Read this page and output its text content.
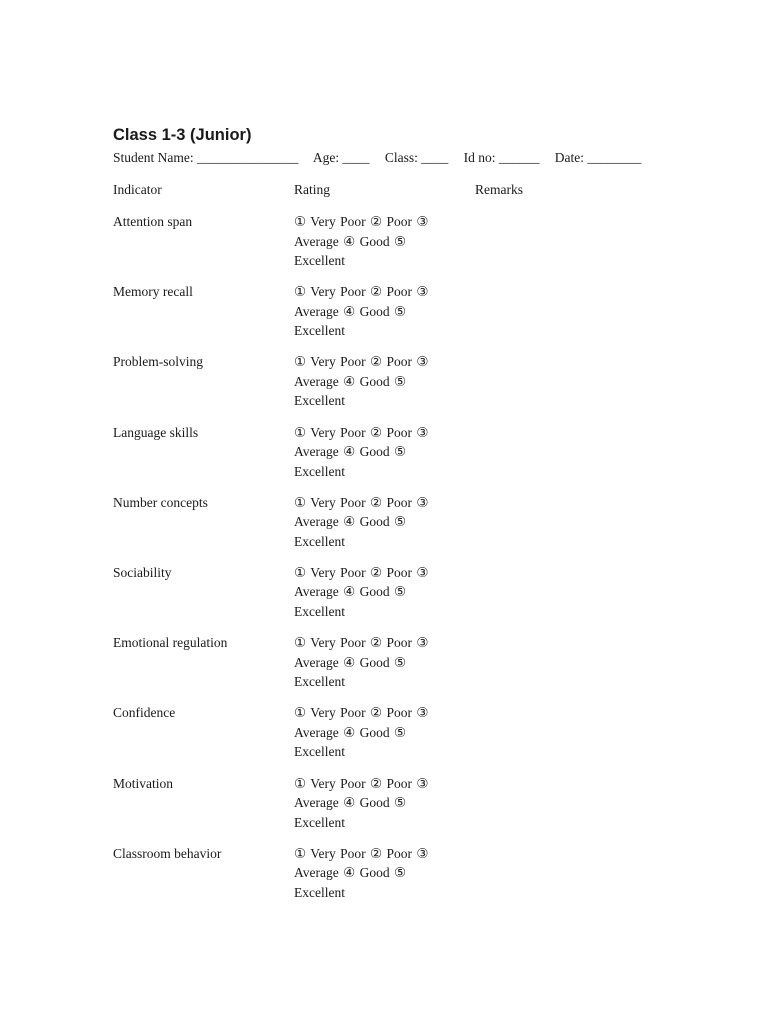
Class 1-3 (Junior)
Student Name: _______________ Age: ____ Class: ____ Id no: ______ Date: ________
Indicator	Rating	Remarks
Attention span	① Very Poor ② Poor ③ Average ④ Good ⑤ Excellent
Memory recall	① Very Poor ② Poor ③ Average ④ Good ⑤ Excellent
Problem-solving	① Very Poor ② Poor ③ Average ④ Good ⑤ Excellent
Language skills	① Very Poor ② Poor ③ Average ④ Good ⑤ Excellent
Number concepts	① Very Poor ② Poor ③ Average ④ Good ⑤ Excellent
Sociability	① Very Poor ② Poor ③ Average ④ Good ⑤ Excellent
Emotional regulation	① Very Poor ② Poor ③ Average ④ Good ⑤ Excellent
Confidence	① Very Poor ② Poor ③ Average ④ Good ⑤ Excellent
Motivation	① Very Poor ② Poor ③ Average ④ Good ⑤ Excellent
Classroom behavior	① Very Poor ② Poor ③ Average ④ Good ⑤ Excellent
